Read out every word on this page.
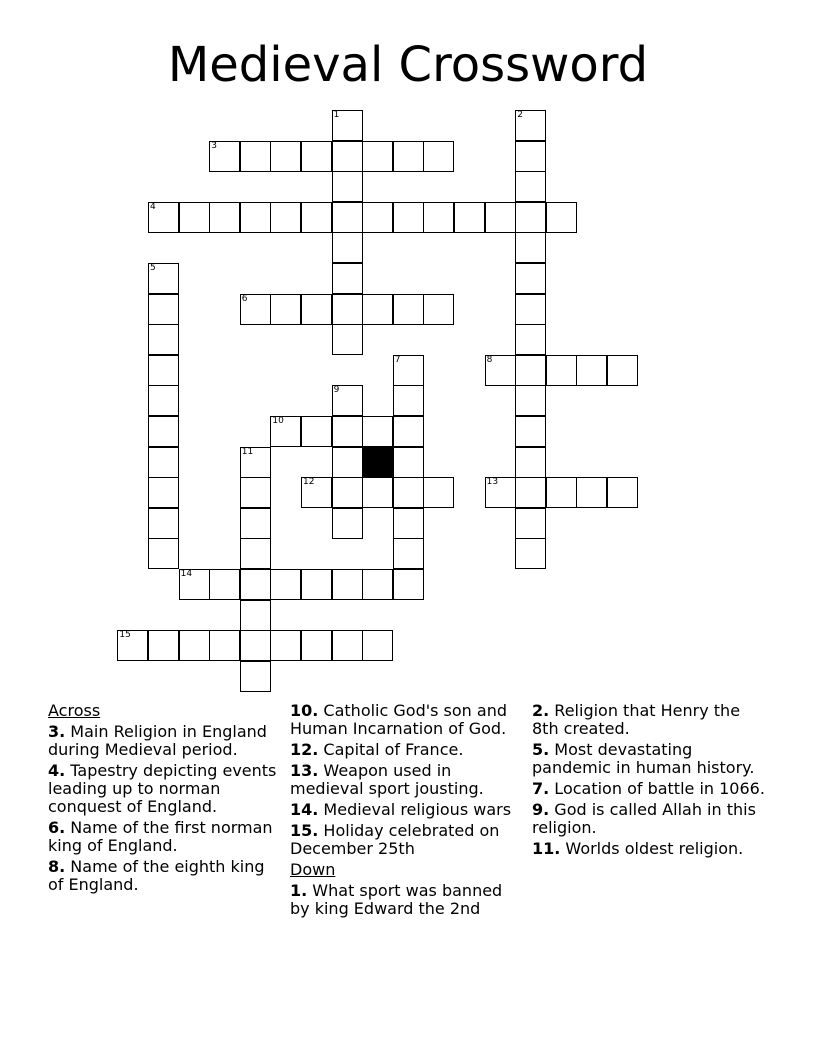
Medieval Crossword
1	2
3
4
5
6
7	8
9
10
11
12	13
14
15
Across
3. Main Religion in England during Medieval period.
4. Tapestry depicting events leading up to norman conquest of England.
6. Name of the first norman king of England.
8. Name of the eighth king of England.
10. Catholic God's son and Human Incarnation of God.
12. Capital of France.
13. Weapon used in medieval sport jousting.
14. Medieval religious wars
15. Holiday celebrated on December 25th
Down
1. What sport was banned by king Edward the 2nd
2. Religion that Henry the 8th created.
5. Most devastating pandemic in human history.
7. Location of battle in 1066.
9. God is called Allah in this religion.
11. Worlds oldest religion.
